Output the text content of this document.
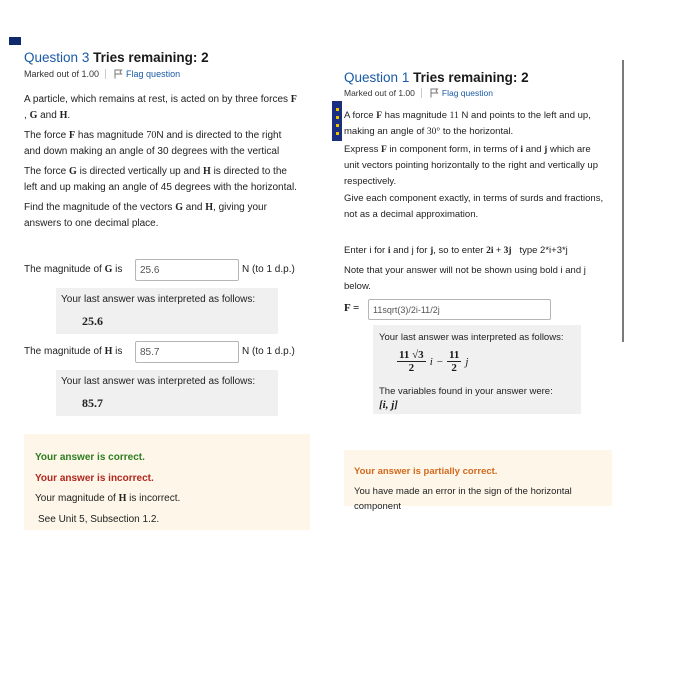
Question 3 Tries remaining: 2
Marked out of 1.00	Flag question
A particle, which remains at rest, is acted on by three forces F
, G and H.
The force F has magnitude 70N and is directed to the right
and down making an angle of 30 degrees with the vertical
The force G is directed vertically up and H is directed to the
left and up making an angle of 45 degrees with the horizontal.
Find the magnitude of the vectors G and H, giving your
answers to one decimal place.
The magnitude of G is 25.6	N (to 1 d.p.)
Your last answer was interpreted as follows:
25.6
The magnitude of H is 85.7	N (to 1 d.p.)
Your last answer was interpreted as follows:
85.7
Your answer is correct.
Your answer is incorrect.
Your magnitude of H is incorrect.
See Unit 5, Subsection 1.2.
Question 1 Tries remaining: 2
Marked out of 1.00	Flag question
A force F has magnitude 11 N and points to the left and up,
making an angle of 30° to the horizontal.
Express F in component form, in terms of i and j which are
unit vectors pointing horizontally to the right and vertically up
respectively.
Give each component exactly, in terms of surds and fractions,
not as a decimal approximation.
Enter i for i and j for j, so to enter 2i + 3j type 2*i+3*j
Note that your answer will not be shown using bold i and j
below.
F = 11sqrt(3)/2i-11/2j
Your last answer was interpreted as follows:
$\frac{11 √3}{2}$ $i - \frac{11}{2}$ j
The variables found in your answer were:
[i, j]
Your answer is partially correct.
You have made an error in the sign of the horizontal
component
